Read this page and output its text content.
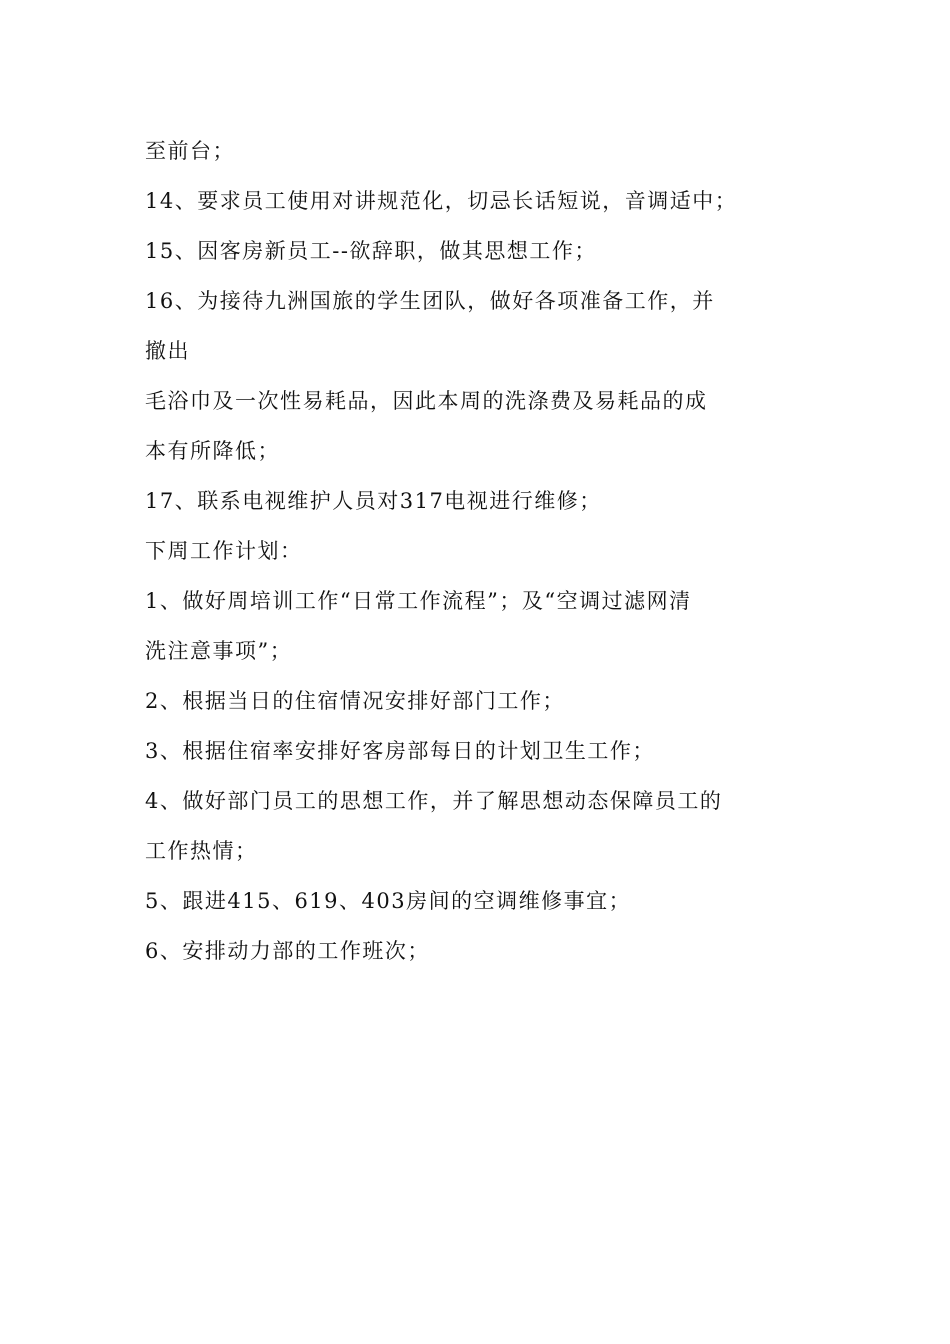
至前台；
14、要求员工使用对讲规范化，切忌长话短说，音调适中；
15、因客房新员工--欲辞职，做其思想工作；
16、为接待九洲国旅的学生团队，做好各项准备工作，并
撤出
毛浴巾及一次性易耗品，因此本周的洗涤费及易耗品的成
本有所降低；
17、联系电视维护人员对317电视进行维修；
下周工作计划：
1、做好周培训工作“日常工作流程”；及“空调过滤网清
洗注意事项”；
2、根据当日的住宿情况安排好部门工作；
3、根据住宿率安排好客房部每日的计划卫生工作；
4、做好部门员工的思想工作，并了解思想动态保障员工的
工作热情；
5、跟进415、619、403房间的空调维修事宜；
6、安排动力部的工作班次；
